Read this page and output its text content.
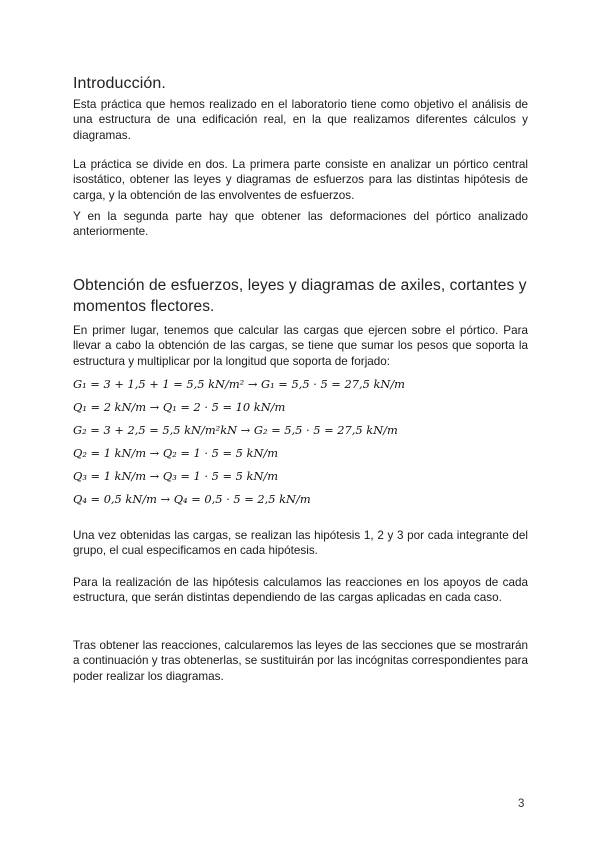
Introducción.
Esta práctica que hemos realizado en el laboratorio tiene como objetivo el análisis de una estructura de una edificación real, en la que realizamos diferentes cálculos y diagramas.
La práctica se divide en dos. La primera parte consiste en analizar un pórtico central isostático, obtener las leyes y diagramas de esfuerzos para las distintas hipótesis de carga, y la obtención de las envolventes de esfuerzos.
Y en la segunda parte hay que obtener las deformaciones del pórtico analizado anteriormente.
Obtención de esfuerzos, leyes y diagramas de axiles, cortantes y momentos flectores.
En primer lugar, tenemos que calcular las cargas que ejercen sobre el pórtico. Para llevar a cabo la obtención de las cargas, se tiene que sumar los pesos que soporta la estructura y multiplicar por la longitud que soporta de forjado:
G₁ = 3 + 1,5 + 1 = 5,5 kN/m² → G₁ = 5,5 · 5 = 27,5 kN/m
Q₁ = 2 kN/m → Q₁ = 2 · 5 = 10 kN/m
G₂ = 3 + 2,5 = 5,5 kN/m²kN → G₂ = 5,5 · 5 = 27,5 kN/m
Q₂ = 1 kN/m → Q₂ = 1 · 5 = 5 kN/m
Q₃ = 1 kN/m → Q₃ = 1 · 5 = 5 kN/m
Q₄ = 0,5 kN/m → Q₄ = 0,5 · 5 = 2,5 kN/m
Una vez obtenidas las cargas, se realizan las hipótesis 1, 2 y 3 por cada integrante del grupo, el cual especificamos en cada hipótesis.
Para la realización de las hipótesis calculamos las reacciones en los apoyos de cada estructura, que serán distintas dependiendo de las cargas aplicadas en cada caso.
Tras obtener las reacciones, calcularemos las leyes de las secciones que se mostrarán a continuación y tras obtenerlas, se sustituirán por las incógnitas correspondientes para poder realizar los diagramas.
3
